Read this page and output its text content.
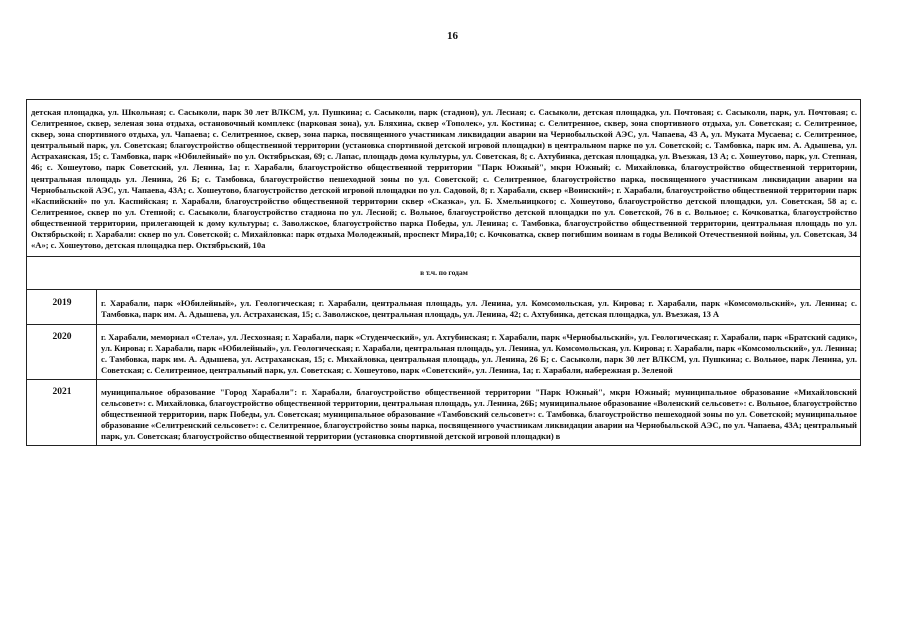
16
детская площадка, ул. Школьная; с. Сасыколи, парк 30 лет ВЛКСМ, ул. Пушкина; с. Сасыколи, парк (стадион), ул. Лесная; с. Сасыколи, детская площадка, ул. Почтовая; с. Сасыколи, парк, ул. Почтовая; с. Селитренное, сквер, зеленая зона отдыха, остановочный комплекс (парковая зона), ул. Бляхина, сквер «Тополек», ул. Костина; с. Селитренное, сквер, зона спортивного отдыха, ул. Советская; с. Селитренное, сквер, зона спортивного отдыха, ул. Чапаева; с. Селитренное, сквер, зона парка, посвященного участникам ликвидации аварии на Чернобыльской АЭС, ул. Чапаева, 43 А, ул. Муката Мусаева; с. Селитренное, центральный парк, ул. Советская; благоустройство общественной территории (установка спортивной детской игровой площадки) в центральном парке по ул. Советской; с. Тамбовка, парк им. А. Адышева, ул. Астраханская, 15; с. Тамбовка, парк «Юбилейный» по ул. Октябрьская, 69; с. Лапас, площадь дома культуры, ул. Советская, 8; с. Ахтубинка, детская площадка, ул. Въезжая, 13 А; с. Хошеутово, парк, ул. Степная, 46; с. Хошеутово, парк Советский, ул. Ленина, 1а; г. Харабали, благоустройство общественной территории "Парк Южный", мкрн Южный; с. Михайловка, благоустройство общественной территории, центральная площадь ул. Ленина, 26 Б; с. Тамбовка, благоустройство пешеходной зоны по ул. Советской; с. Селитренное, благоустройство парка, посвященного участникам ликвидации аварии на Чернобыльской АЭС, ул. Чапаева, 43А; с. Хошеутово, благоустройство детской игровой площадки по ул. Садовой, 8; г. Харабали, сквер «Воинский»; г. Харабали, благоустройство общественной территории парк «Каспийский» по ул. Каспийская; г. Харабали, благоустройство общественной территории сквер «Сказка», ул. Б. Хмельницкого; с. Хошеутово, благоустройство детской площадки, ул. Советская, 58 а; с. Селитренное, сквер по ул. Степной; с. Сасыколи, благоустройство стадиона по ул. Лесной; с. Вольное, благоустройство детской площадки по ул. Советской, 76 в с. Вольное; с. Кочковатка, благоустройство общественной территории, прилегающей к дому культуры; с. Заволжское, благоустройство парка Победы, ул. Ленина; с. Тамбовка, благоустройство общественной территории, центральная площадь по ул. Октябрьской; г. Харабали: сквер по ул. Советской; с. Михайловка: парк отдыха Молодежный, проспект Мира,10; с. Кочковатка, сквер погибшим воинам в годы Великой Отечественной войны, ул. Советская, 34 «А»; с. Хошеутово, детская площадка пер. Октябрьский, 10а	
в т.ч. по годам	
2019	г. Харабали, парк «Юбилейный», ул. Геологическая; г. Харабали, центральная площадь, ул. Ленина, ул. Комсомольская, ул. Кирова; г. Харабали, парк «Комсомольский», ул. Ленина; с. Тамбовка, парк им. А. Адышева, ул. Астраханская, 15; с. Заволжское, центральная площадь, ул. Ленина, 42; с. Ахтубинка, детская площадка, ул. Въезжая, 13 А
2020	г. Харабали, мемориал «Стела», ул. Лесхозная; г. Харабали, парк «Студенческий», ул. Ахтубинская; г. Харабали, парк «Чернобыльский», ул. Геологическая; г. Харабали, парк «Братский садик», ул. Кирова; г. Харабали, парк «Юбилейный», ул. Геологическая; г. Харабали, центральная площадь, ул. Ленина, ул. Комсомольская, ул. Кирова; г. Харабали, парк «Комсомольский», ул. Ленина; с. Тамбовка, парк им. А. Адышева, ул. Астраханская, 15; с. Михайловка, центральная площадь, ул. Ленина, 26 Б; с. Сасыколи, парк 30 лет ВЛКСМ, ул. Пушкина; с. Вольное, парк Ленина, ул. Советская; с. Селитренное, центральный парк, ул. Советская; с. Хошеутово, парк «Советский», ул. Ленина, 1а; г. Харабали, набережная р. Зеленой
2021	муниципальное образование "Город Харабали": г. Харабали, благоустройство общественной территории "Парк Южный", мкрн Южный; муниципальное образование «Михайловский сельсовет»: с. Михайловка, благоустройство общественной территории, центральная площадь, ул. Ленина, 26Б; муниципальное образование «Воленский сельсовет»: с. Вольное, благоустройство общественной территории, парк Победы, ул. Советская; муниципальное образование «Тамбовский сельсовет»: с. Тамбовка, благоустройство пешеходной зоны по ул. Советской; муниципальное образование «Селитренский сельсовет»: с. Селитренное, благоустройство зоны парка, посвященного участникам ликвидации аварии на Чернобыльской АЭС, по ул. Чапаева, 43А; центральный парк, ул. Советская; благоустройство общественной территории (установка спортивной детской игровой площадки) в
